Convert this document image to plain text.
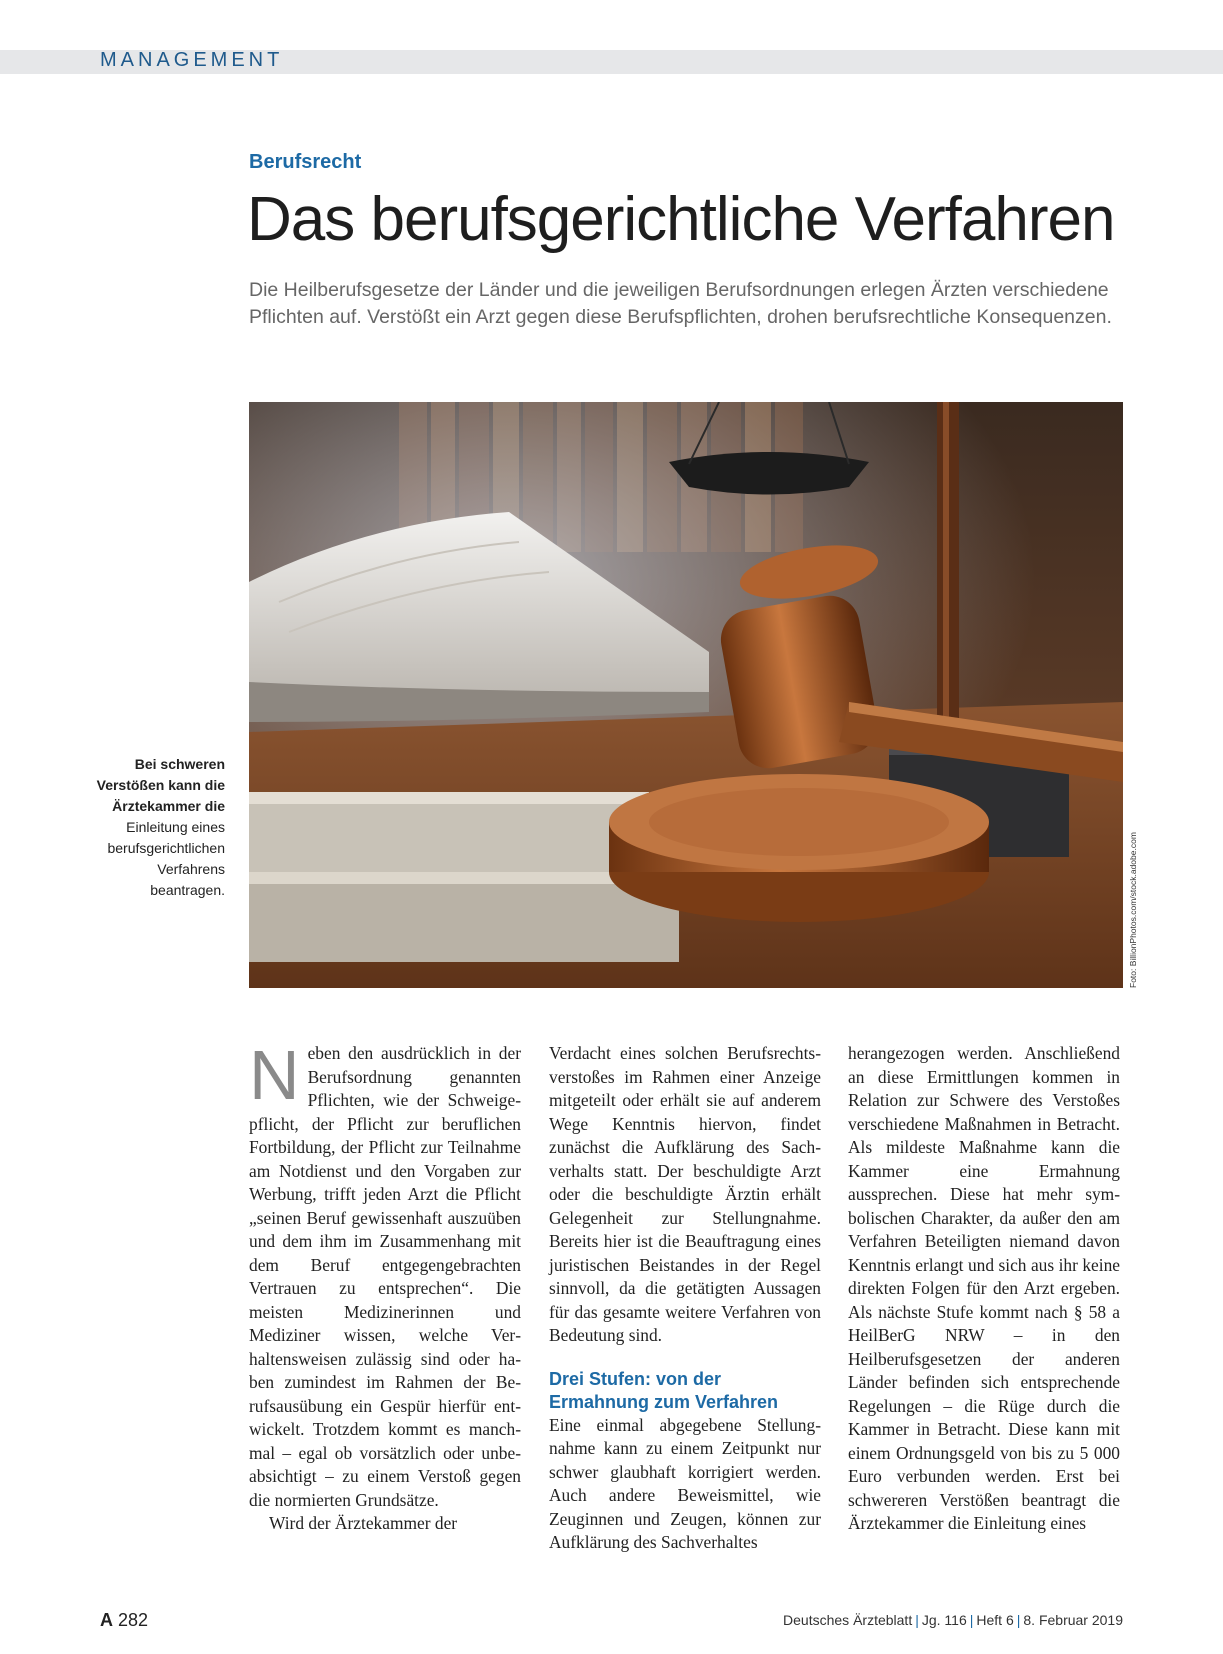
MANAGEMENT
Berufsrecht
Das berufsgerichtliche Verfahren
Die Heilberufsgesetze der Länder und die jeweiligen Berufsordnungen erlegen Ärzten verschiedene Pflichten auf. Verstößt ein Arzt gegen diese Berufspflichten, drohen berufsrechtliche Konsequenzen.
Foto: BillionPhotos.com/stock.adobe.com
Bei schweren Verstößen kann die Ärztekammer die Einleitung eines berufsgerichtlichen Verfahrens beantragen.

Neben den ausdrücklich in der Berufsordnung genannten Pflichten, wie der Schweigepflicht, der Pflicht zur beruflichen Fortbildung, der Pflicht zur Teilnahme am Notdienst und den Vorgaben zur Werbung, trifft jeden Arzt die Pflicht „seinen Beruf gewissenhaft auszuüben und dem ihm im Zusammenhang mit dem Beruf entgegengebrachten Vertrauen zu entsprechen“. Die meisten Medizinerinnen und Mediziner wissen, welche Verhaltensweisen zulässig sind oder haben zumindest im Rahmen der Berufsausübung ein Gespür hierfür entwickelt. Trotzdem kommt es manchmal – egal ob vorsätzlich oder unbeabsichtigt – zu einem Verstoß gegen die normierten Grundsätze.

Wird der Ärztekammer der

Verdacht eines solchen Berufsrechtsverstoßes im Rahmen einer Anzeige mitgeteilt oder erhält sie auf anderem Wege Kenntnis hiervon, findet zunächst die Aufklärung des Sachverhalts statt. Der beschuldigte Arzt oder die beschuldigte Ärztin erhält Gelegenheit zur Stellungnahme. Bereits hier ist die Beauftragung eines juristischen Beistandes in der Regel sinnvoll, da die getätigten Aussagen für das gesamte weitere Verfahren von Bedeutung sind.

Drei Stufen: von der Ermahnung zum Verfahren

Eine einmal abgegebene Stellungnahme kann zu einem Zeitpunkt nur schwer glaubhaft korrigiert werden. Auch andere Beweismittel, wie Zeuginnen und Zeugen, können zur Aufklärung des Sachverhaltes

herangezogen werden. Anschließend an diese Ermittlungen kommen in Relation zur Schwere des Verstoßes verschiedene Maßnahmen in Betracht. Als mildeste Maßnahme kann die Kammer eine Ermahnung aussprechen. Diese hat mehr symbolischen Charakter, da außer den am Verfahren Beteiligten niemand davon Kenntnis erlangt und sich aus ihr keine direkten Folgen für den Arzt ergeben. Als nächste Stufe kommt nach § 58 a HeilBerG NRW – in den Heilberufsgesetzen der anderen Länder befinden sich entsprechende Regelungen – die Rüge durch die Kammer in Betracht. Diese kann mit einem Ordnungsgeld von bis zu 5 000 Euro verbunden werden. Erst bei schwereren Verstößen beantragt die Ärztekammer die Einleitung eines

A 282	Deutsches Ärzteblatt | Jg. 116 | Heft 6 | 8. Februar 2019
